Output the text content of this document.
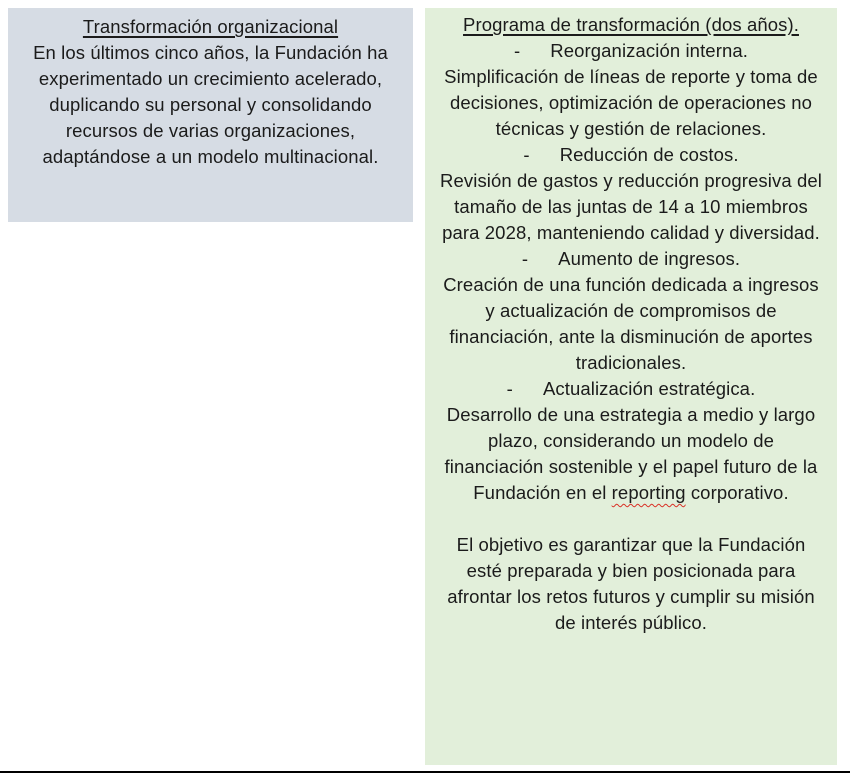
Transformación organizacional
En los últimos cinco años, la Fundación ha experimentado un crecimiento acelerado, duplicando su personal y consolidando recursos de varias organizaciones, adaptándose a un modelo multinacional.
Programa de transformación (dos años).
- Reorganización interna.
Simplificación de líneas de reporte y toma de decisiones, optimización de operaciones no técnicas y gestión de relaciones.
- Reducción de costos.
Revisión de gastos y reducción progresiva del tamaño de las juntas de 14 a 10 miembros para 2028, manteniendo calidad y diversidad.
- Aumento de ingresos.
Creación de una función dedicada a ingresos y actualización de compromisos de financiación, ante la disminución de aportes tradicionales.
- Actualización estratégica.
Desarrollo de una estrategia a medio y largo plazo, considerando un modelo de financiación sostenible y el papel futuro de la Fundación en el reporting corporativo.
El objetivo es garantizar que la Fundación esté preparada y bien posicionada para afrontar los retos futuros y cumplir su misión de interés público.
